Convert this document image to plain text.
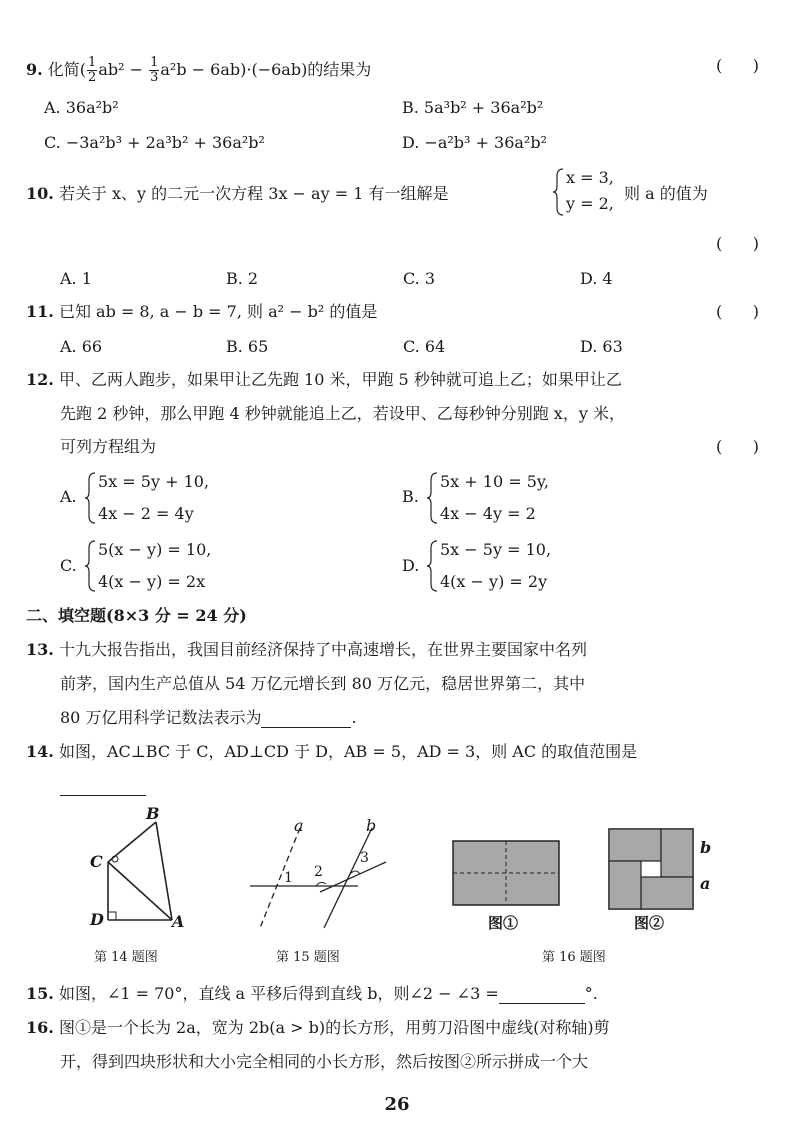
9. 化简( $\frac{1}{2} ab^2 - \frac{1}{3} a^2b - 6ab)\cdot(-6ab)$的结果为	(      )
A. 36a²b²	B. 5a³b² + 36a²b²
C. −3a²b³ + 2a³b² + 36a²b²	D. −a²b³ + 36a²b²
10. 若关于 x、y 的二元一次方程 3x − ay = 1 有一组解是
x = 3,
y = 2,
则 a 的值为
(      )
A. 1	B. 2	C. 3	D. 4
11. 已知 ab = 8, a − b = 7, 则 a² − b² 的值是	(      )
A. 66	B. 65	C. 64	D. 63
12. 甲、乙两人跑步，如果甲让乙先跑 10 米，甲跑 5 秒钟就可追上乙；如果甲让乙
先跑 2 秒钟，那么甲跑 4 秒钟就能追上乙，若设甲、乙每秒钟分别跑 x，y 米，
可列方程组为	(      )
A.
5x = 5y + 10,
4x − 2 = 4y
B.
5x + 10 = 5y,
4x − 4y = 2
C.
5(x − y) = 10,
4(x − y) = 2x
D.
5x − 5y = 10,
4(x − y) = 2y
二、填空题(8×3 分 = 24 分)
13. 十九大报告指出，我国目前经济保持了中高速增长，在世界主要国家中名列
前茅，国内生产总值从 54 万亿元增长到 80 万亿元，稳居世界第二，其中
80 万亿用科学记数法表示为	.
14. 如图，AC⊥BC 于 C，AD⊥CD 于 D，AB = 5，AD = 3，则 AC 的取值范围是
B
C
D	A
第 14 题图
a	b
1 2
3
第 15 题图
图①
b
a
图②
第 16 题图
15. 如图，∠1 = 70°，直线 a 平移后得到直线 b，则∠2 − ∠3 =	°.
16. 图①是一个长为 2a，宽为 2b(a > b)的长方形，用剪刀沿图中虚线(对称轴)剪
开，得到四块形状和大小完全相同的小长方形，然后按图②所示拼成一个大
26
